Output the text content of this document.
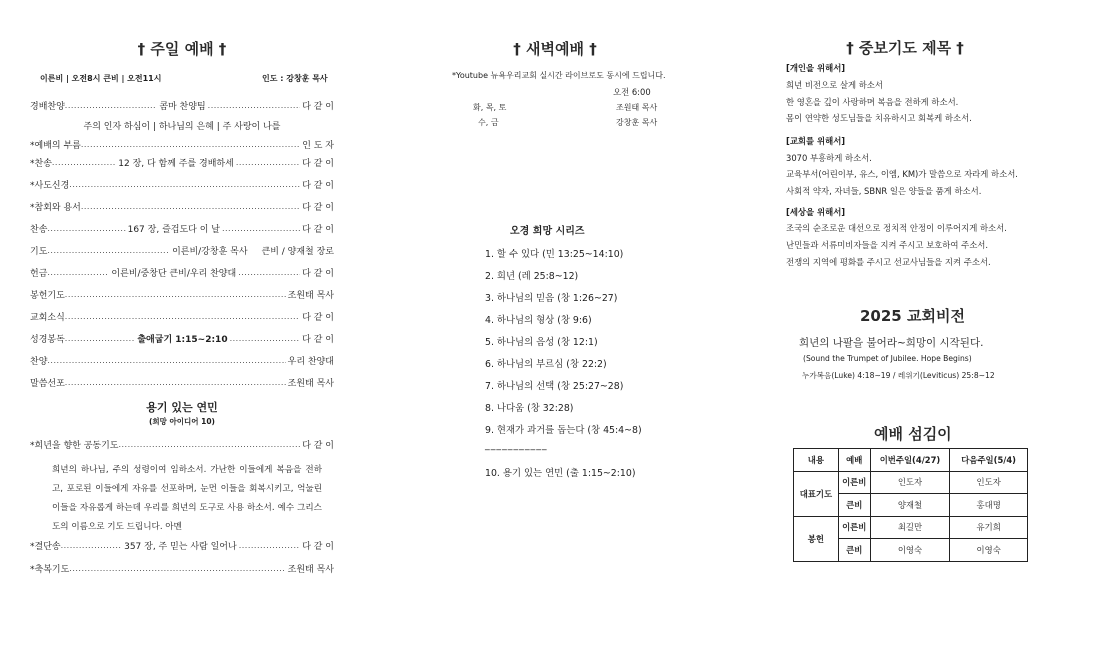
† 주일 예배 †
이른비 | 오전8시 큰비 | 오전11시	인도 : 강창훈 목사
경배찬양 .....	콤마 찬양팀 .....	다 같 이
주의 인자 하심이 | 하나님의 은혜 | 주 사랑이 나를
*예배의 부름 .....	인 도 자
*찬송 .....	12 장, 다 함께 주를 경배하세 .....	다 같 이
*사도신경 .....	다 같 이
*참회와 용서 .....	다 같 이
찬송 .....	167 장, 즐겁도다 이 날 .....	다 같 이
기도 .....	이른비/강창훈 목사	큰비 / 양재철 장로
헌금 .....	이른비/중창단 큰비/우리 찬양대 .....	다 같 이
봉헌기도 .....	조원태 목사
교회소식 .....	다 같 이
성경봉독 .....	출애굽기 1:15~2:10 .....	다 같 이
찬양 .....	우리 찬양대
말씀선포 .....	조원태 목사
용기 있는 연민
(희망 아이디어 10)
*희년을 향한 공동기도 .....	다 같 이
희년의 하나님, 주의 성령이여 임하소서. 가난한 이들에게 복음을 전하고, 포로된 이들에게 자유를 선포하며, 눈먼 이들을 회복시키고, 억눌린 이들을 자유롭게 하는데 우리를 희년의 도구로 사용 하소서. 예수 그리스도의 이름으로 기도 드립니다. 아멘
*결단송 .....	357 장, 주 믿는 사람 일어나 .....	다 같 이
*축복기도 .....	조원태 목사
† 새벽예배 †
*Youtube 뉴욕우리교회 실시간 라이브로도 동시에 드립니다.
오전 6:00
화, 목, 토	조원태 목사
수, 금	강창훈 목사
오경 희망 시리즈
1. 할 수 있다 (민 13:25~14:10)
2. 희년 (레 25:8~12)
3. 하나님의 믿음 (창 1:26~27)
4. 하나님의 형상 (창 9:6)
5. 하나님의 음성 (창 12:1)
6. 하나님의 부르심 (창 22:2)
7. 하나님의 선택 (창 25:27~28)
8. 나다움 (창 32:28)
9. 현재가 과거를 돕는다 (창 45:4~8)
___________
10. 용기 있는 연민 (출 1:15~2:10)
† 중보기도 제목 †
[개인을 위해서]
희년 비전으로 살게 하소서
한 영혼을 깊이 사랑하며 복음을 전하게 하소서.
몸이 연약한 성도님들을 치유하시고 회복케 하소서.
[교회를 위해서]
3070 부흥하게 하소서.
교육부서(어린이부, 유스, 이엠, KM)가 말씀으로 자라게 하소서.
사회적 약자, 자녀들, SBNR 일은 양들을 품게 하소서.
[세상을 위해서]
조국의 순조로운 대선으로 정치적 안정이 이루어지게 하소서.
난민들과 서류미비자들을 지켜 주시고 보호하여 주소서.
전쟁의 지역에 평화를 주시고 선교사님들을 지켜 주소서.
2025 교회비전
희년의 나팔을 불어라~희망이 시작된다.
(Sound the Trumpet of Jubilee. Hope Begins)
누가복음(Luke) 4:18~19 / 레위기(Leviticus) 25:8~12
예배 섬김이
내용	예배	이번주일(4/27)	다음주일(5/4)
대표기도	이른비	인도자	인도자
	큰비	양재철	홍대명
봉헌	이른비	최길만	유기희
	큰비	이영숙	이영숙
